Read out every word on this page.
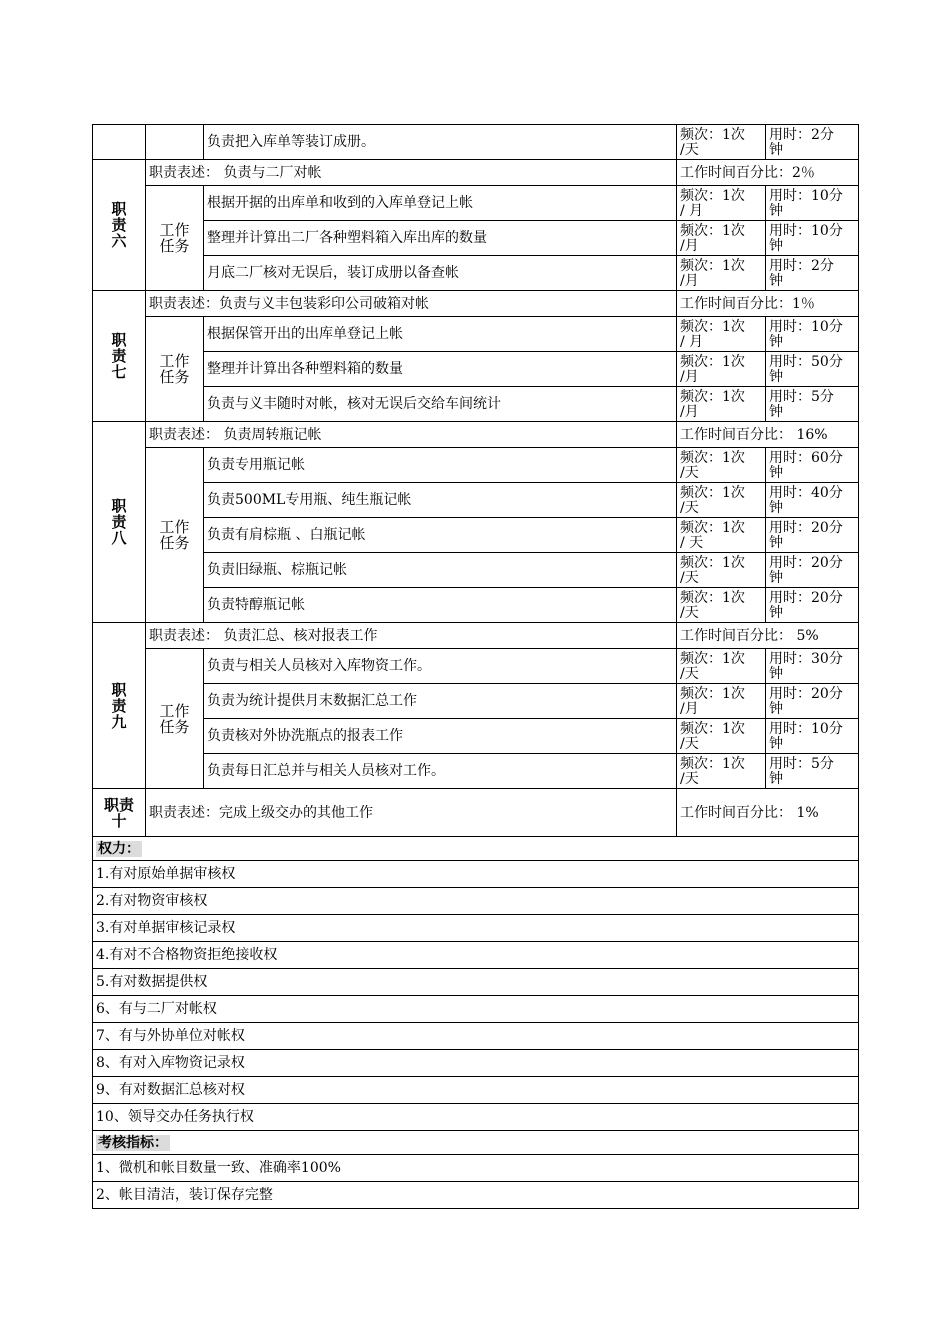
		负责把入库单等装订成册。	频次：1次
/天	用时：2分
钟

职
责
六	职责表述： 负责与二厂对帐		工作时间百分比：2％	

	工作
任务	根据开据的出库单和收到的入库单登记上帐	频次：1次
/ 月	用时：10分
钟

		整理并计算出二厂各种塑料箱入库出库的数量	频次：1次
/月	用时：10分
钟

		月底二厂核对无误后，装订成册以备查帐	频次：1次
/月	用时：2分
钟

职
责
七	职责表述：负责与义丰包装彩印公司破箱对帐		工作时间百分比：1％	

	工作
任务	根据保管开出的出库单登记上帐	频次：1次
/ 月	用时：10分
钟

		整理并计算出各种塑料箱的数量	频次：1次
/月	用时：50分
钟

		负责与义丰随时对帐，核对无误后交给车间统计	频次：1次
/月	用时：5分
钟

职
责
八	职责表述： 负责周转瓶记帐		工作时间百分比： 16%	

	工作
任务	负责专用瓶记帐	频次：1次
/天	用时：60分
钟

		负责500ML专用瓶、纯生瓶记帐	频次：1次
/天	用时：40分
钟

		负责有肩棕瓶 、白瓶记帐	频次：1次
/ 天	用时：20分
钟

		负责旧绿瓶、棕瓶记帐	频次：1次
/天	用时：20分
钟

		负责特醇瓶记帐	频次：1次
/天	用时：20分
钟

职
责
九	职责表述： 负责汇总、核对报表工作		工作时间百分比： 5%	

	工作
任务	负责与相关人员核对入库物资工作。	频次：1次
/天	用时：30分
钟

		负责为统计提供月末数据汇总工作	频次：1次
/月	用时：20分
钟

		负责核对外协洗瓶点的报表工作	频次：1次
/天	用时：10分
钟

		负责每日汇总并与相关人员核对工作。	频次：1次
/天	用时：5分
钟

职责
十	职责表述：完成上级交办的其他工作		工作时间百分比： 1%	
权力：				
1.有对原始单据审核权				
2.有对物资审核权				
3.有对单据审核记录权				
4.有对不合格物资拒绝接收权				
5.有对数据提供权				
6、有与二厂对帐权				
7、有与外协单位对帐权				
8、有对入库物资记录权				
9、有对数据汇总核对权				
10、领导交办任务执行权				
考核指标：				
1、微机和帐目数量一致、准确率100%				
2、帐目清洁，装订保存完整				
